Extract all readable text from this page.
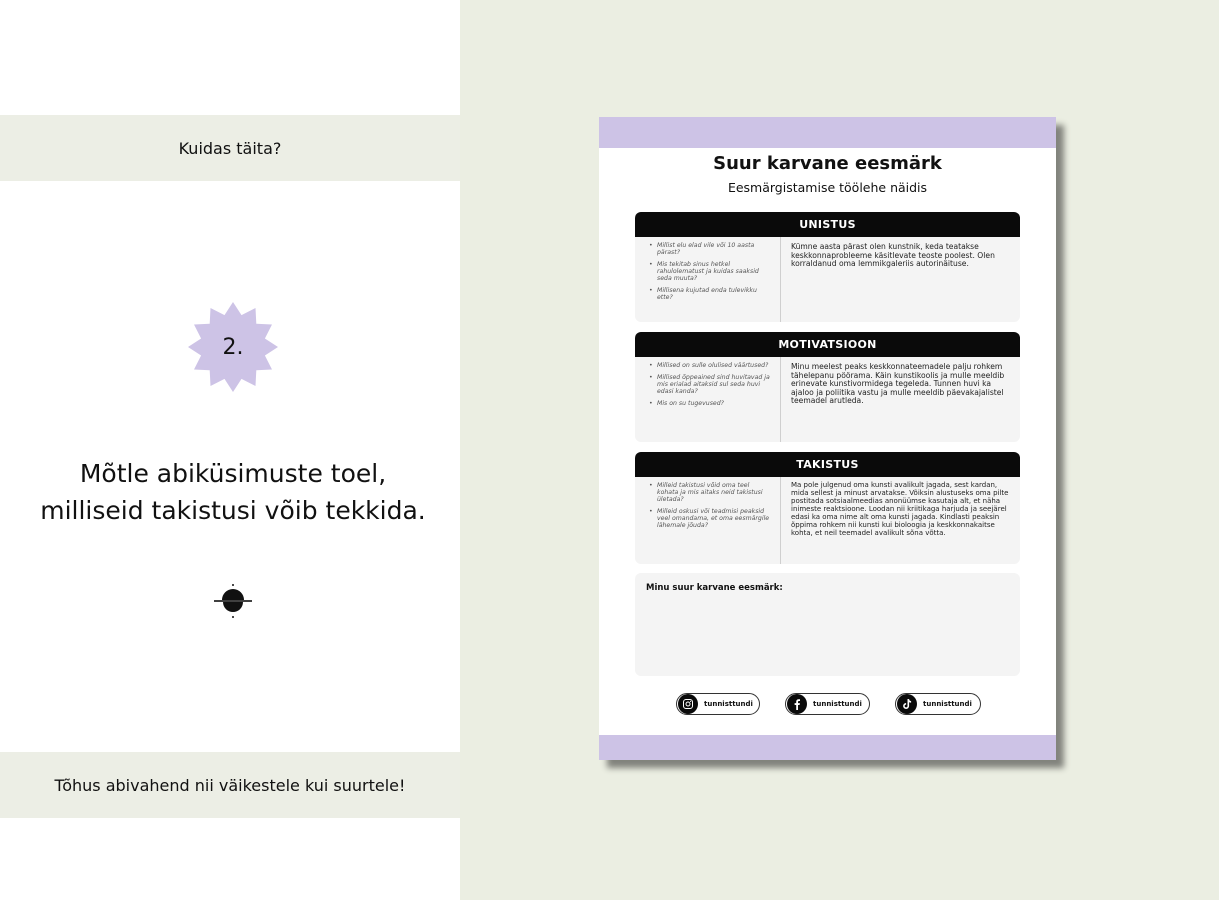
Kuidas täita?
2.
Mõtle abiküsimuste toel,
milliseid takistusi võib tekkida.
Tõhus abivahend nii väikestele kui suurtele!
Suur karvane eesmärk
Eesmärgistamise töölehe näidis
UNISTUS
• Millist elu elad vile või 10 aasta pärast?
• Mis tekitab sinus hetkel rahulolematust ja kuidas saaksid seda muuta?
• Millisena kujutad enda tulevikku ette?
Kümne aasta pärast olen kunstnik, keda teatakse keskkonnaprobleeme käsitlevate teoste poolest. Olen korraldanud oma lemmikgaleriis autorinäituse.
MOTIVATSIOON
• Millised on sulle olulised väärtused?
• Millised õppeained sind huvitavad ja mis erialad aitaksid sul seda huvi edasi kanda?
• Mis on su tugevused?
Minu meelest peaks keskkonnateemadele palju rohkem tähelepanu pöörama. Käin kunstikoolis ja mulle meeldib erinevate kunstivormidega tegeleda. Tunnen huvi ka ajaloo ja poliitika vastu ja mulle meeldib päevakajalistel teemadel arutleda.
TAKISTUS
• Milleid takistusi võid oma teel kohata ja mis aitaks neid takistusi ületada?
• Milleid oskusi või teadmisi peaksid veel omandama, et oma eesmärgile lähemale jõuda?
Ma pole julgenud oma kunsti avalikult jagada, sest kardan, mida sellest ja minust arvatakse. Võiksin alustuseks oma pilte postitada sotsiaalmeedias anonüümse kasutaja alt, et näha inimeste reaktsioone. Loodan nii kriitikaga harjuda ja seejärel edasi ka oma nime alt oma kunsti jagada. Kindlasti peaksin õppima rohkem nii kunsti kui bioloogia ja keskkonnakaitse kohta, et neil teemadel avalikult sõna võtta.
Minu suur karvane eesmärk:
tunnisttundi	tunnisttundi	tunnisttundi
